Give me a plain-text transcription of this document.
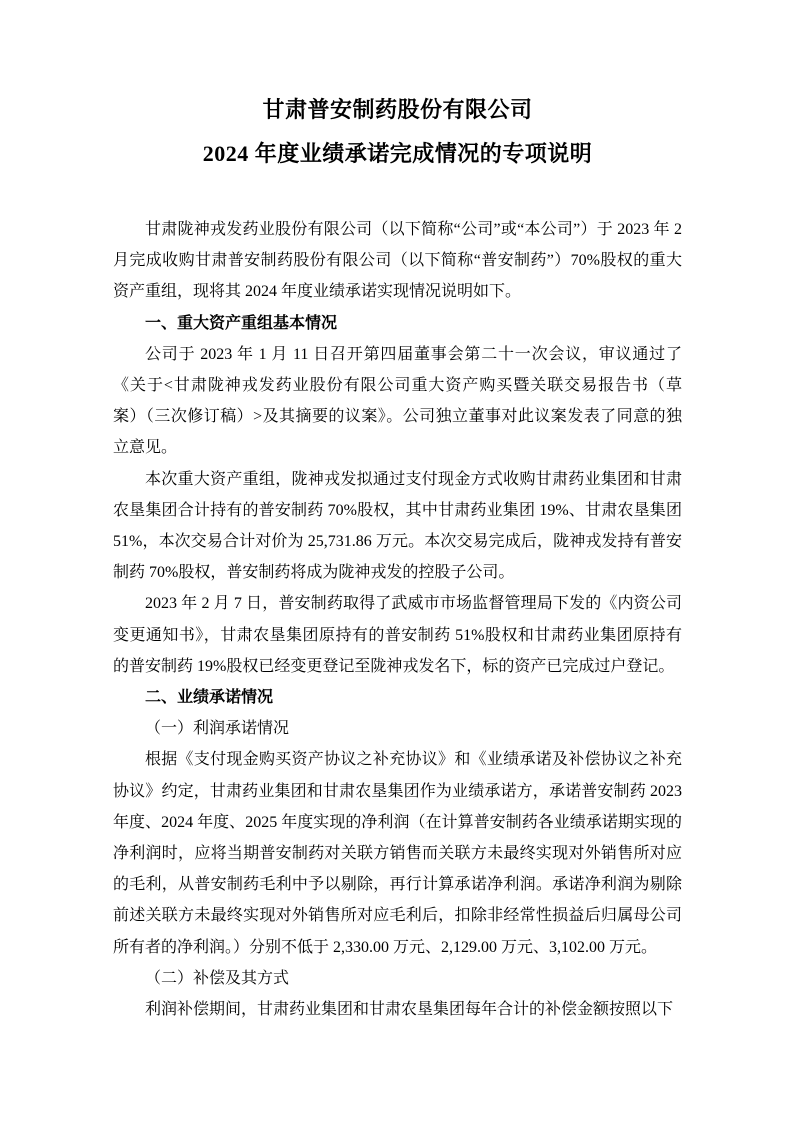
甘肃普安制药股份有限公司
2024 年度业绩承诺完成情况的专项说明

甘肃陇神戎发药业股份有限公司（以下简称“公司”或“本公司”）于 2023 年 2 月完成收购甘肃普安制药股份有限公司（以下简称“普安制药”）70%股权的重大资产重组，现将其 2024 年度业绩承诺实现情况说明如下。

一、重大资产重组基本情况

公司于 2023 年 1 月 11 日召开第四届董事会第二十一次会议，审议通过了《关于<甘肃陇神戎发药业股份有限公司重大资产购买暨关联交易报告书（草案）（三次修订稿）>及其摘要的议案》。公司独立董事对此议案发表了同意的独立意见。

本次重大资产重组，陇神戎发拟通过支付现金方式收购甘肃药业集团和甘肃农垦集团合计持有的普安制药 70%股权，其中甘肃药业集团 19%、甘肃农垦集团 51%，本次交易合计对价为 25,731.86 万元。本次交易完成后，陇神戎发持有普安制药 70%股权，普安制药将成为陇神戎发的控股子公司。

2023 年 2 月 7 日，普安制药取得了武威市市场监督管理局下发的《内资公司变更通知书》，甘肃农垦集团原持有的普安制药 51%股权和甘肃药业集团原持有的普安制药 19%股权已经变更登记至陇神戎发名下，标的资产已完成过户登记。

二、业绩承诺情况

（一）利润承诺情况

根据《支付现金购买资产协议之补充协议》和《业绩承诺及补偿协议之补充协议》约定，甘肃药业集团和甘肃农垦集团作为业绩承诺方，承诺普安制药 2023 年度、2024 年度、2025 年度实现的净利润（在计算普安制药各业绩承诺期实现的净利润时，应将当期普安制药对关联方销售而关联方未最终实现对外销售所对应的毛利，从普安制药毛利中予以剔除，再行计算承诺净利润。承诺净利润为剔除前述关联方未最终实现对外销售所对应毛利后，扣除非经常性损益后归属母公司所有者的净利润。）分别不低于 2,330.00 万元、2,129.00 万元、3,102.00 万元。

（二）补偿及其方式

利润补偿期间，甘肃药业集团和甘肃农垦集团每年合计的补偿金额按照以下
